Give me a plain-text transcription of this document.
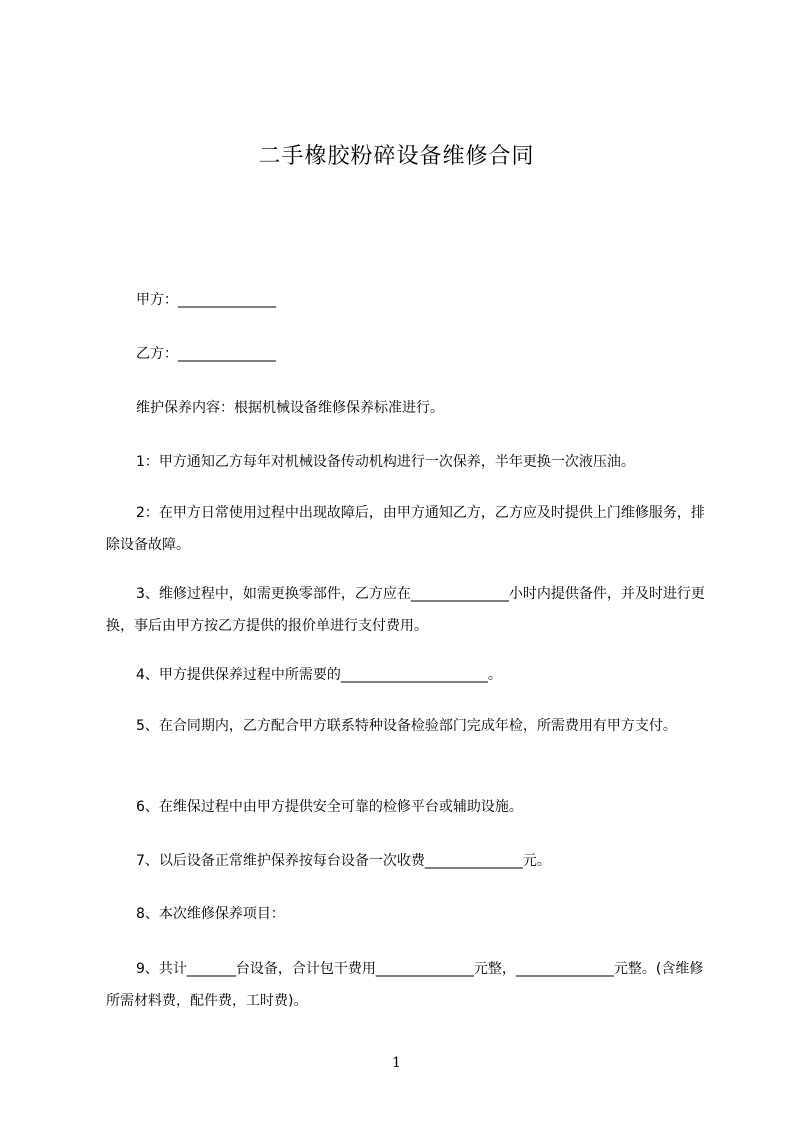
二手橡胶粉碎设备维修合同
甲方：______________
乙方：______________
维护保养内容：根据机械设备维修保养标准进行。
1：甲方通知乙方每年对机械设备传动机构进行一次保养，半年更换一次液压油。
2：在甲方日常使用过程中出现故障后，由甲方通知乙方，乙方应及时提供上门维修服务，排除设备故障。
3、维修过程中，如需更换零部件，乙方应在______________小时内提供备件，并及时进行更换，事后由甲方按乙方提供的报价单进行支付费用。
4、甲方提供保养过程中所需要的_____________________。
5、在合同期内，乙方配合甲方联系特种设备检验部门完成年检，所需费用有甲方支付。
6、在维保过程中由甲方提供安全可靠的检修平台或辅助设施。
7、以后设备正常维护保养按每台设备一次收费______________元。
8、本次维修保养项目：
9、共计_______台设备，合计包干费用______________元整，______________元整。(含维修所需材料费，配件费，工时费)。
1
